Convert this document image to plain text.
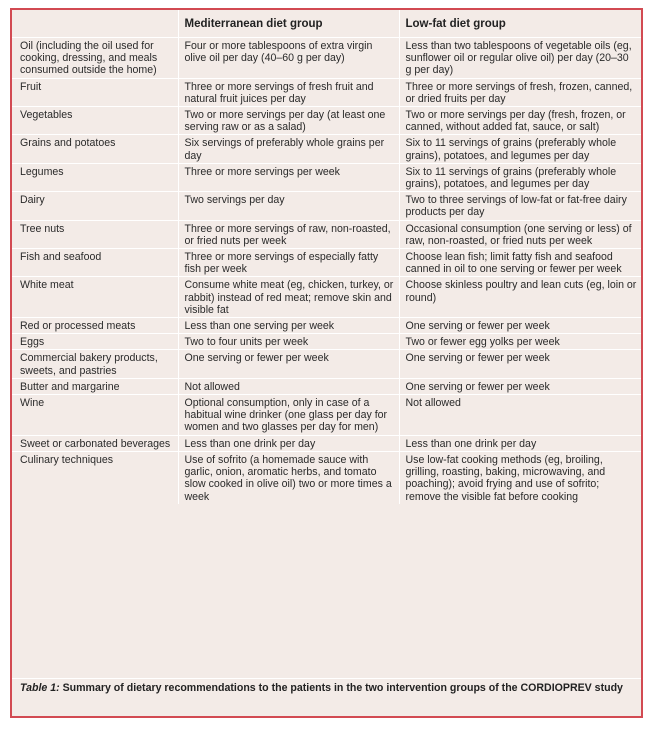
	Mediterranean diet group	Low-fat diet group
Oil (including the oil used for cooking, dressing, and meals consumed outside the home)	Four or more tablespoons of extra virgin olive oil per day (40–60 g per day)	Less than two tablespoons of vegetable oils (eg, sunflower oil or regular olive oil) per day (20–30 g per day)
Fruit	Three or more servings of fresh fruit and natural fruit juices per day	Three or more servings of fresh, frozen, canned, or dried fruits per day
Vegetables	Two or more servings per day (at least one serving raw or as a salad)	Two or more servings per day (fresh, frozen, or canned, without added fat, sauce, or salt)
Grains and potatoes	Six servings of preferably whole grains per day	Six to 11 servings of grains (preferably whole grains), potatoes, and legumes per day
Legumes	Three or more servings per week	Six to 11 servings of grains (preferably whole grains), potatoes, and legumes per day
Dairy	Two servings per day	Two to three servings of low-fat or fat-free dairy products per day
Tree nuts	Three or more servings of raw, non-roasted, or fried nuts per week	Occasional consumption (one serving or less) of raw, non-roasted, or fried nuts per week
Fish and seafood	Three or more servings of especially fatty fish per week	Choose lean fish; limit fatty fish and seafood canned in oil to one serving or fewer per week
White meat	Consume white meat (eg, chicken, turkey, or rabbit) instead of red meat; remove skin and visible fat	Choose skinless poultry and lean cuts (eg, loin or round)
Red or processed meats	Less than one serving per week	One serving or fewer per week
Eggs	Two to four units per week	Two or fewer egg yolks per week
Commercial bakery products, sweets, and pastries	One serving or fewer per week	One serving or fewer per week
Butter and margarine	Not allowed	One serving or fewer per week
Wine	Optional consumption, only in case of a habitual wine drinker (one glass per day for women and two glasses per day for men)	Not allowed
Sweet or carbonated beverages	Less than one drink per day	Less than one drink per day
Culinary techniques	Use of sofrito (a homemade sauce with garlic, onion, aromatic herbs, and tomato slow cooked in olive oil) two or more times a week	Use low-fat cooking methods (eg, broiling, grilling, roasting, baking, microwaving, and poaching); avoid frying and use of sofrito; remove the visible fat before cooking
Table 1: Summary of dietary recommendations to the patients in the two intervention groups of the CORDIOPREV study
